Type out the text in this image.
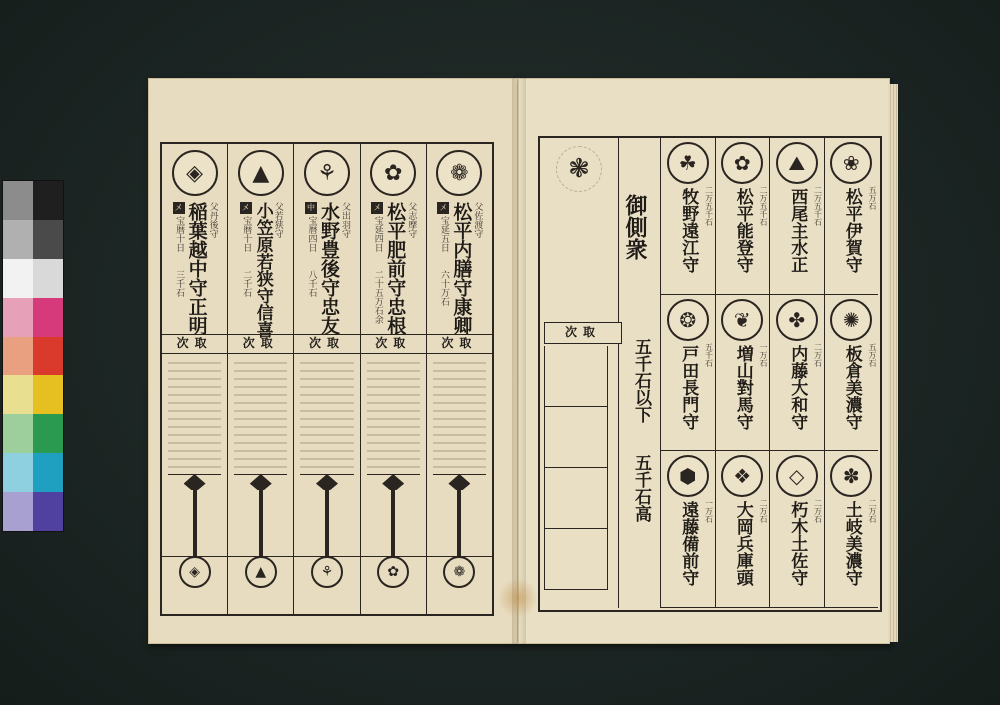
❁
父佐渡守
松平内膳守康卿
メ
宝延五日
六十万石
次取
❁
✿
父志摩守
松平肥前守忠根
メ
宝延四日
二十五万石余
次取
✿
⚘
父出羽守
水野豊後守忠友
中
宝暦四日
八千石
次取
⚘
▲
父若狭守
小笠原若狭守信喜
メ
宝暦十日
二千石
次取
▲
◈
父丹後守
稲葉越中守正明
メ
宝暦十日
三千石
次取
◈
❃
次取
御側衆
五千石以下
五千石高
☘
牧野遠江守 二万五千石
✿
松平能登守 二万五千石
⛰
西尾主水正 二万五千石
❀
松平伊賀守 五万石
❂
戸田長門守 五千石
❦
増山對馬守 一万石
✤
内藤大和守 二万石
✺
板倉美濃守 五万石
⬢
遠藤備前守 一万石
❖
大岡兵庫頭 二万石
◇
朽木土佐守 二万石
✽
土岐美濃守 二万石
